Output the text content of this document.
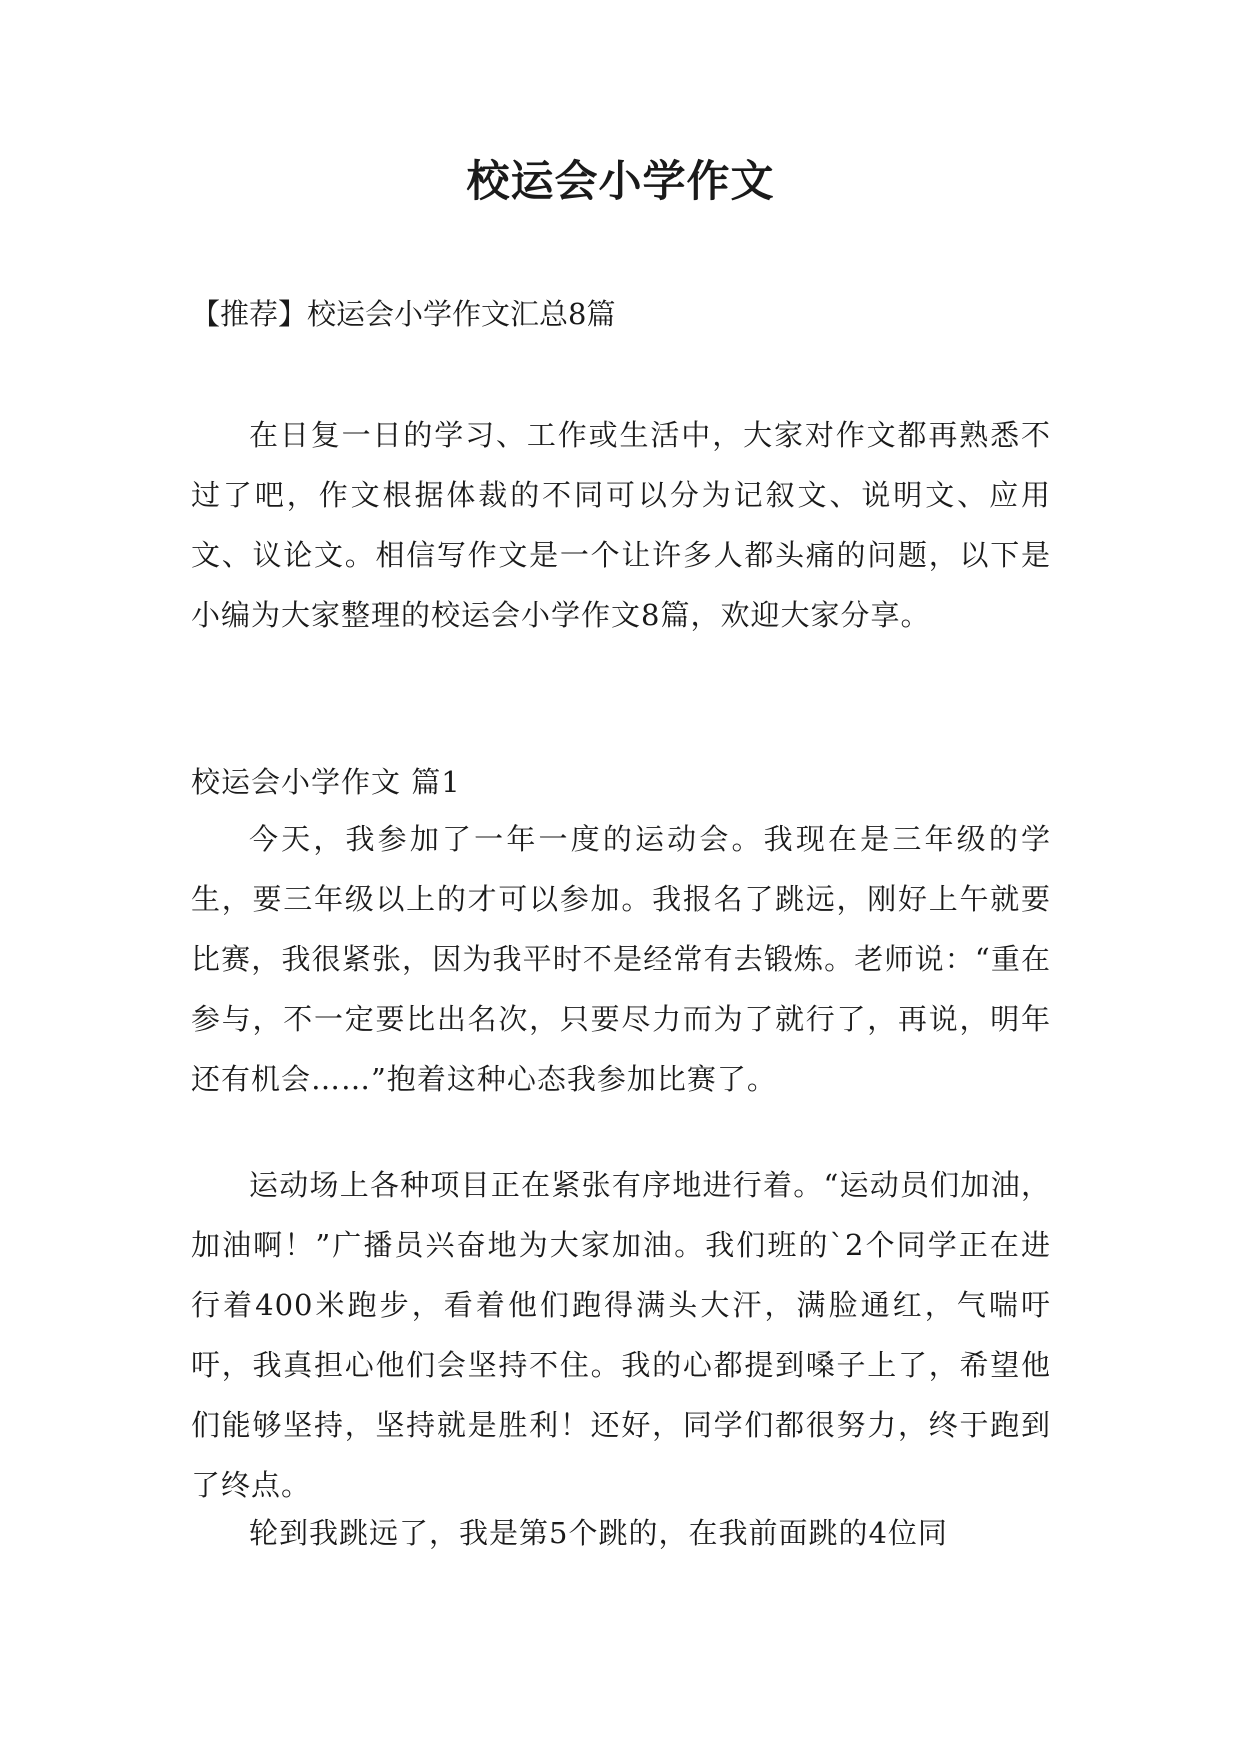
校运会小学作文
【推荐】校运会小学作文汇总8篇

在日复一日的学习、工作或生活中，大家对作文都再熟悉不过了吧，作文根据体裁的不同可以分为记叙文、说明文、应用文、议论文。相信写作文是一个让许多人都头痛的问题，以下是小编为大家整理的校运会小学作文8篇，欢迎大家分享。

校运会小学作文 篇1

今天，我参加了一年一度的运动会。我现在是三年级的学生，要三年级以上的才可以参加。我报名了跳远，刚好上午就要比赛，我很紧张，因为我平时不是经常有去锻炼。老师说：“重在参与，不一定要比出名次，只要尽力而为了就行了，再说，明年还有机会……”抱着这种心态我参加比赛了。

运动场上各种项目正在紧张有序地进行着。“运动员们加油，加油啊！”广播员兴奋地为大家加油。我们班的`2个同学正在进行着400米跑步，看着他们跑得满头大汗，满脸通红，气喘吁吁，我真担心他们会坚持不住。我的心都提到嗓子上了，希望他们能够坚持，坚持就是胜利！还好，同学们都很努力，终于跑到了终点。

轮到我跳远了，我是第5个跳的，在我前面跳的4位同
